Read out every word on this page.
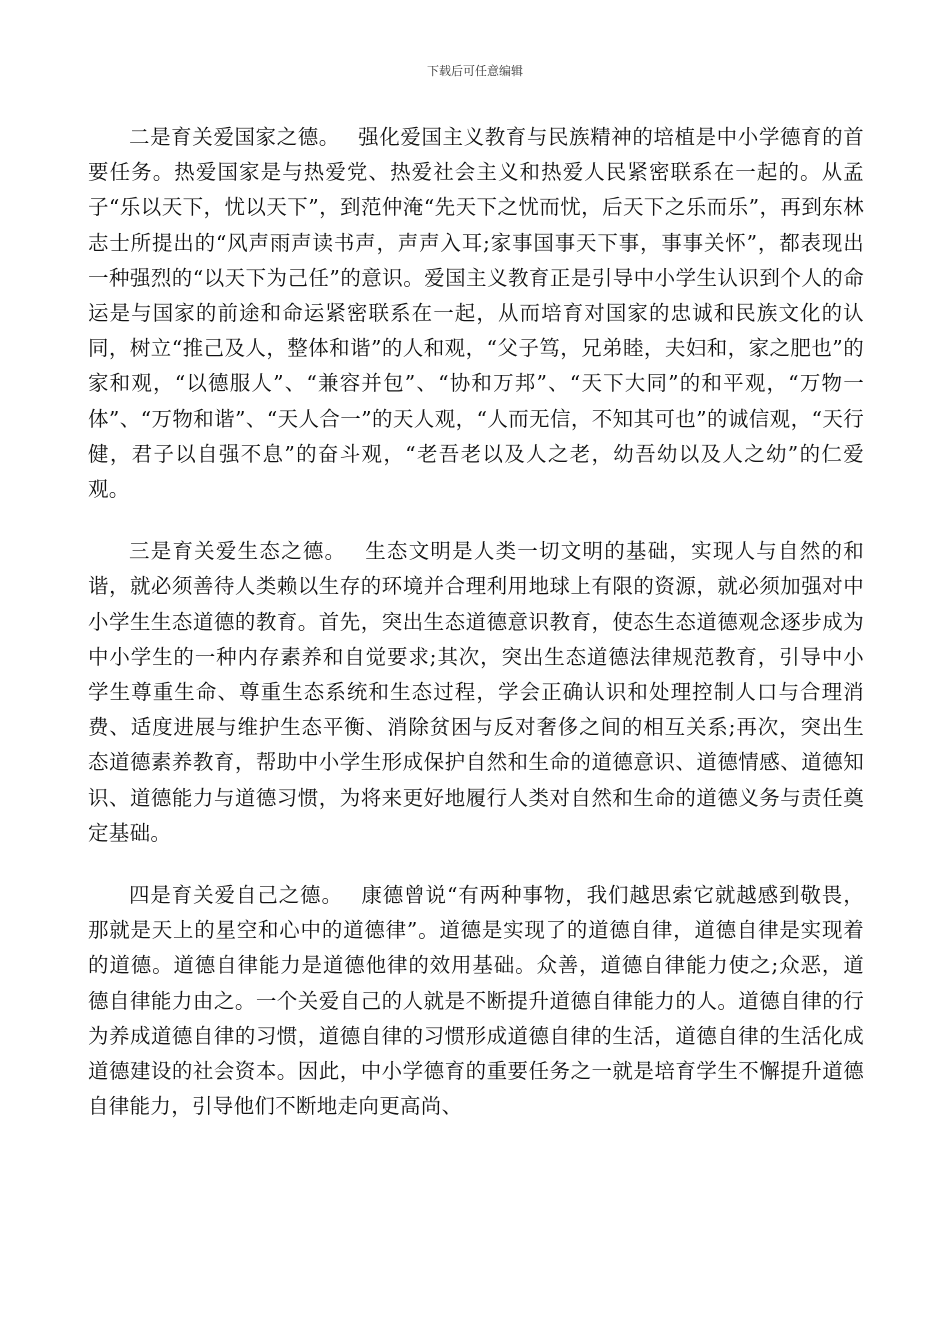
下载后可任意编辑

二是育关爱国家之德。 强化爱国主义教育与民族精神的培植是中小学德育的首要任务。热爱国家是与热爱党、热爱社会主义和热爱人民紧密联系在一起的。从孟子“乐以天下，忧以天下”，到范仲淹“先天下之忧而忧，后天下之乐而乐”，再到东林志士所提出的“风声雨声读书声，声声入耳;家事国事天下事，事事关怀”，都表现出一种强烈的“以天下为己任”的意识。爱国主义教育正是引导中小学生认识到个人的命运是与国家的前途和命运紧密联系在一起，从而培育对国家的忠诚和民族文化的认同，树立“推己及人，整体和谐”的人和观，“父子笃，兄弟睦，夫妇和，家之肥也”的家和观，“以德服人”、“兼容并包”、“协和万邦”、“天下大同”的和平观，“万物一体”、“万物和谐”、“天人合一”的天人观，“人而无信，不知其可也”的诚信观，“天行健，君子以自强不息”的奋斗观，“老吾老以及人之老，幼吾幼以及人之幼”的仁爱观。

三是育关爱生态之德。 生态文明是人类一切文明的基础，实现人与自然的和谐，就必须善待人类赖以生存的环境并合理利用地球上有限的资源，就必须加强对中小学生生态道德的教育。首先，突出生态道德意识教育，使态生态道德观念逐步成为中小学生的一种内存素养和自觉要求;其次，突出生态道德法律规范教育，引导中小学生尊重生命、尊重生态系统和生态过程，学会正确认识和处理控制人口与合理消费、适度进展与维护生态平衡、消除贫困与反对奢侈之间的相互关系;再次，突出生态道德素养教育，帮助中小学生形成保护自然和生命的道德意识、道德情感、道德知识、道德能力与道德习惯，为将来更好地履行人类对自然和生命的道德义务与责任奠定基础。

四是育关爱自己之德。 康德曾说“有两种事物，我们越思索它就越感到敬畏，那就是天上的星空和心中的道德律”。道德是实现了的道德自律，道德自律是实现着的道德。道德自律能力是道德他律的效用基础。众善，道德自律能力使之;众恶，道德自律能力由之。一个关爱自己的人就是不断提升道德自律能力的人。道德自律的行为养成道德自律的习惯，道德自律的习惯形成道德自律的生活，道德自律的生活化成道德建设的社会资本。因此，中小学德育的重要任务之一就是培育学生不懈提升道德自律能力，引导他们不断地走向更高尚、
